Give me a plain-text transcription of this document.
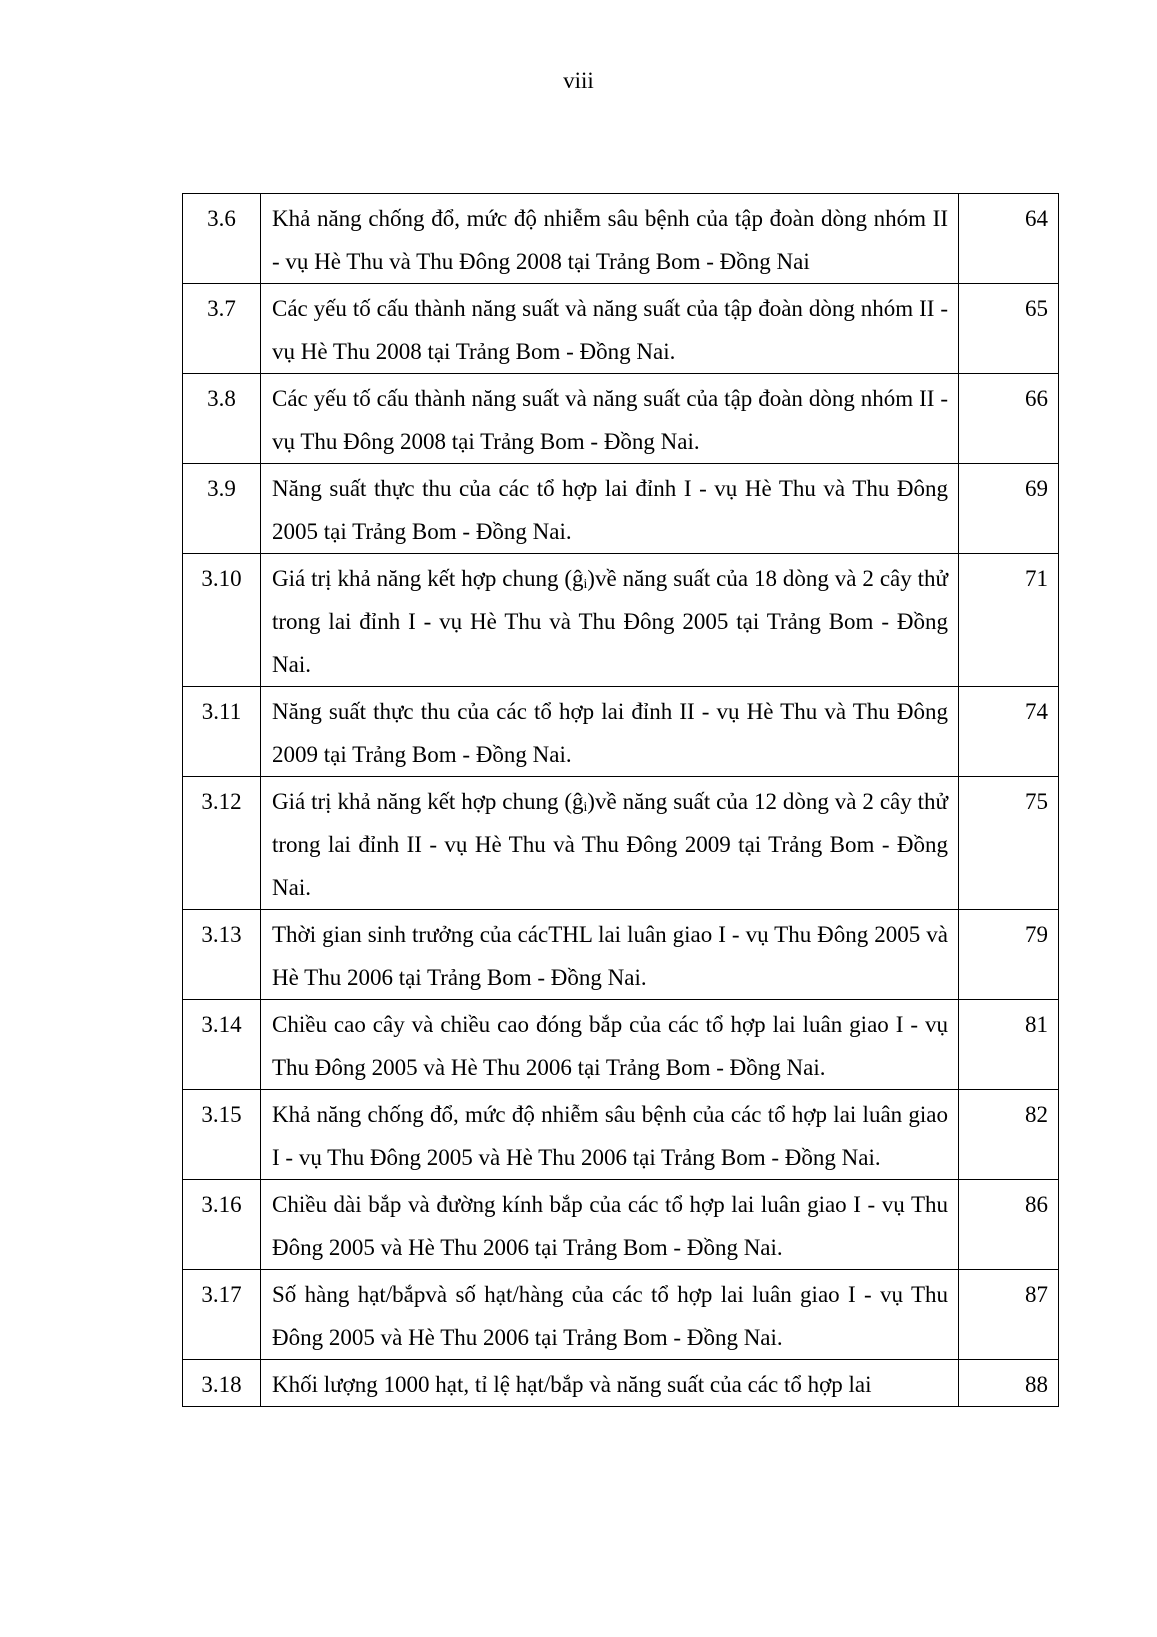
viii
3.6	Khả năng chống đổ, mức độ nhiễm sâu bệnh của tập đoàn dòng nhóm II - vụ Hè Thu và Thu Đông 2008 tại Trảng Bom - Đồng Nai	64
3.7	Các yếu tố cấu thành năng suất và năng suất của tập đoàn dòng nhóm II - vụ Hè Thu 2008 tại Trảng Bom - Đồng Nai.	65
3.8	Các yếu tố cấu thành năng suất và năng suất của tập đoàn dòng nhóm II - vụ Thu Đông 2008 tại Trảng Bom - Đồng Nai.	66
3.9	Năng suất thực thu của các tổ hợp lai đỉnh I - vụ Hè Thu và Thu Đông 2005 tại Trảng Bom - Đồng Nai.	69
3.10	Giá trị khả năng kết hợp chung (ĝᵢ)về năng suất của 18 dòng và 2 cây thử trong lai đỉnh I - vụ Hè Thu và Thu Đông 2005 tại Trảng Bom - Đồng Nai.	71
3.11	Năng suất thực thu của các tổ hợp lai đỉnh II - vụ Hè Thu và Thu Đông 2009 tại Trảng Bom - Đồng Nai.	74
3.12	Giá trị khả năng kết hợp chung (ĝᵢ)về năng suất của 12 dòng và 2 cây thử trong lai đỉnh II - vụ Hè Thu và Thu Đông 2009 tại Trảng Bom - Đồng Nai.	75
3.13	Thời gian sinh trưởng của cácTHL lai luân giao I - vụ Thu Đông 2005 và Hè Thu 2006 tại Trảng Bom - Đồng Nai.	79
3.14	Chiều cao cây và chiều cao đóng bắp của các tổ hợp lai luân giao I - vụ Thu Đông 2005 và Hè Thu 2006 tại Trảng Bom - Đồng Nai.	81
3.15	Khả năng chống đổ, mức độ nhiễm sâu bệnh của các tổ hợp lai luân giao I - vụ Thu Đông 2005 và Hè Thu 2006 tại Trảng Bom - Đồng Nai.	82
3.16	Chiều dài bắp và đường kính bắp của các tổ hợp lai luân giao I - vụ Thu Đông 2005 và Hè Thu 2006 tại Trảng Bom - Đồng Nai.	86
3.17	Số hàng hạt/bắpvà số hạt/hàng của các tổ hợp lai luân giao I - vụ Thu Đông 2005 và Hè Thu 2006 tại Trảng Bom - Đồng Nai.	87
3.18	Khối lượng 1000 hạt, tỉ lệ hạt/bắp và năng suất của các tổ hợp lai	88
